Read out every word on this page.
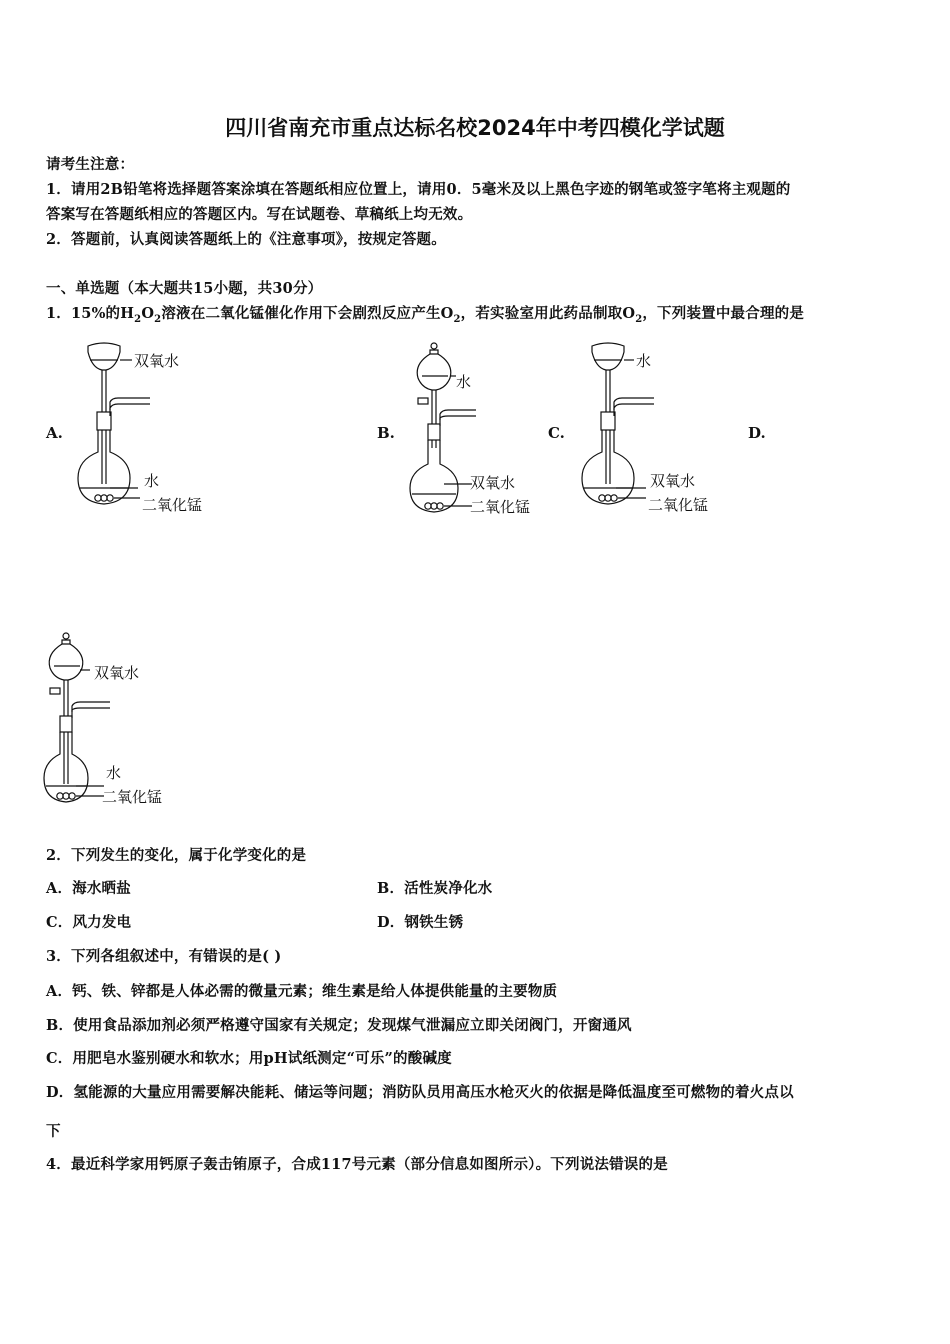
四川省南充市重点达标名校2024年中考四模化学试题
请考生注意：
1．请用2B铅笔将选择题答案涂填在答题纸相应位置上，请用0．5毫米及以上黑色字迹的钢笔或签字笔将主观题的
答案写在答题纸相应的答题区内。写在试题卷、草稿纸上均无效。
2．答题前，认真阅读答题纸上的《注意事项》，按规定答题。
一、单选题（本大题共15小题，共30分）
1．15%的$H_2O_2$溶液在二氧化锰催化作用下会剧烈反应产生$O_2$，若实验室用此药品制取$O_2$，下列装置中最合理的是
A.	B.	C.	D.
双氧水
水
二氧化锰
水
双氧水
二氧化锰
水
双氧水
二氧化锰
双氧水
水
二氧化锰
2．下列发生的变化，属于化学变化的是
A．海水晒盐	B．活性炭净化水
C．风力发电	D．钢铁生锈
3．下列各组叙述中，有错误的是( )
A．钙、铁、锌都是人体必需的微量元素；维生素是给人体提供能量的主要物质
B．使用食品添加剂必须严格遵守国家有关规定；发现煤气泄漏应立即关闭阀门，开窗通风
C．用肥皂水鉴别硬水和软水；用pH试纸测定“可乐”的酸碱度
D．氢能源的大量应用需要解决能耗、储运等问题；消防队员用高压水枪灭火的依据是降低温度至可燃物的着火点以
下
4．最近科学家用钙原子轰击铕原子，合成117号元素（部分信息如图所示）。下列说法错误的是
